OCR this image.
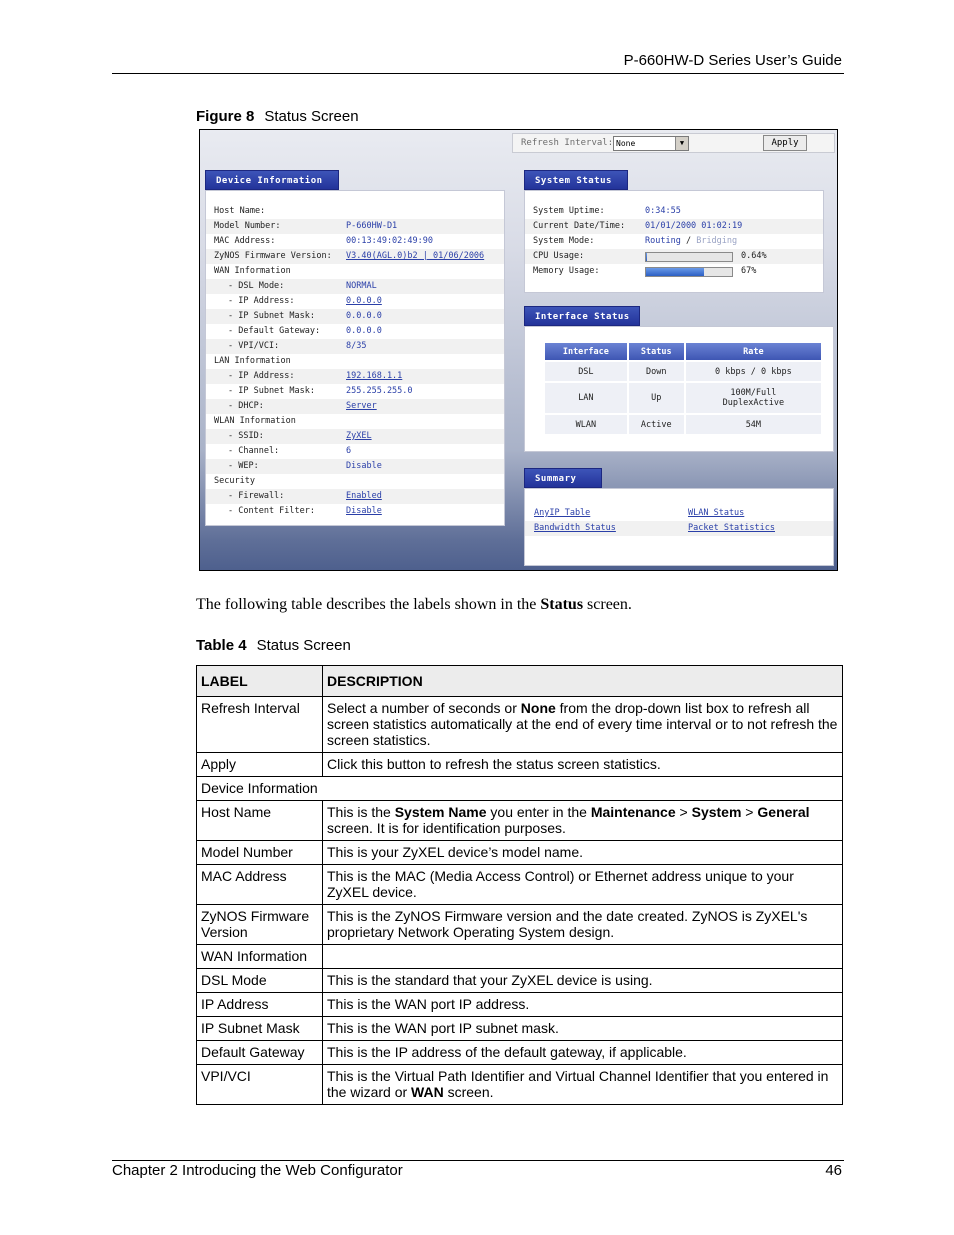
P-660HW-D Series User’s Guide
Figure 8 Status Screen
Refresh Interval: None	▼	Apply
Device Information
Host Name:
Model Number:	P-660HW-D1
MAC Address:	00:13:49:02:49:90
ZyNOS Firmware Version: V3.40(AGL.0)b2 | 01/06/2006
WAN Information
- DSL Mode:	NORMAL
- IP Address:	0.0.0.0
- IP Subnet Mask:	0.0.0.0
- Default Gateway:	0.0.0.0
- VPI/VCI:	8/35
LAN Information
- IP Address:	192.168.1.1
- IP Subnet Mask:	255.255.255.0
- DHCP:	Server
WLAN Information
- SSID:	ZyXEL
- Channel:	6
- WEP:	Disable
Security
- Firewall:	Enabled
- Content Filter:	Disable
System Status
System Uptime:	0:34:55
Current Date/Time: 01/01/2000 01:02:19
System Mode:	Routing / Bridging
CPU Usage:	0.64%
Memory Usage:	67%
Interface Status
Interface	Status	Rate
DSL	Down	0 kbps / 0 kbps
LAN	Up	100M/Full
DuplexActive
WLAN	Active	54M
Summary
AnyIP Table	WLAN Status
Bandwidth Status	Packet Statistics
The following table describes the labels shown in the Status screen.
Table 4 Status Screen
LABEL	DESCRIPTION
Refresh Interval	Select a number of seconds or None from the drop-down list box to refresh all screen statistics automatically at the end of every time interval or to not refresh the screen statistics.
Apply	Click this button to refresh the status screen statistics.
Device Information	
Host Name	This is the System Name you enter in the Maintenance > System > General screen. It is for identification purposes.
Model Number	This is your ZyXEL device’s model name.
MAC Address	This is the MAC (Media Access Control) or Ethernet address unique to your ZyXEL device.
ZyNOS Firmware Version	This is the ZyNOS Firmware version and the date created. ZyNOS is ZyXEL's proprietary Network Operating System design.
WAN Information	
DSL Mode	This is the standard that your ZyXEL device is using.
IP Address	This is the WAN port IP address.
IP Subnet Mask	This is the WAN port IP subnet mask.
Default Gateway	This is the IP address of the default gateway, if applicable.
VPI/VCI	This is the Virtual Path Identifier and Virtual Channel Identifier that you entered in the wizard or WAN screen.
Chapter 2 Introducing the Web Configurator	46
